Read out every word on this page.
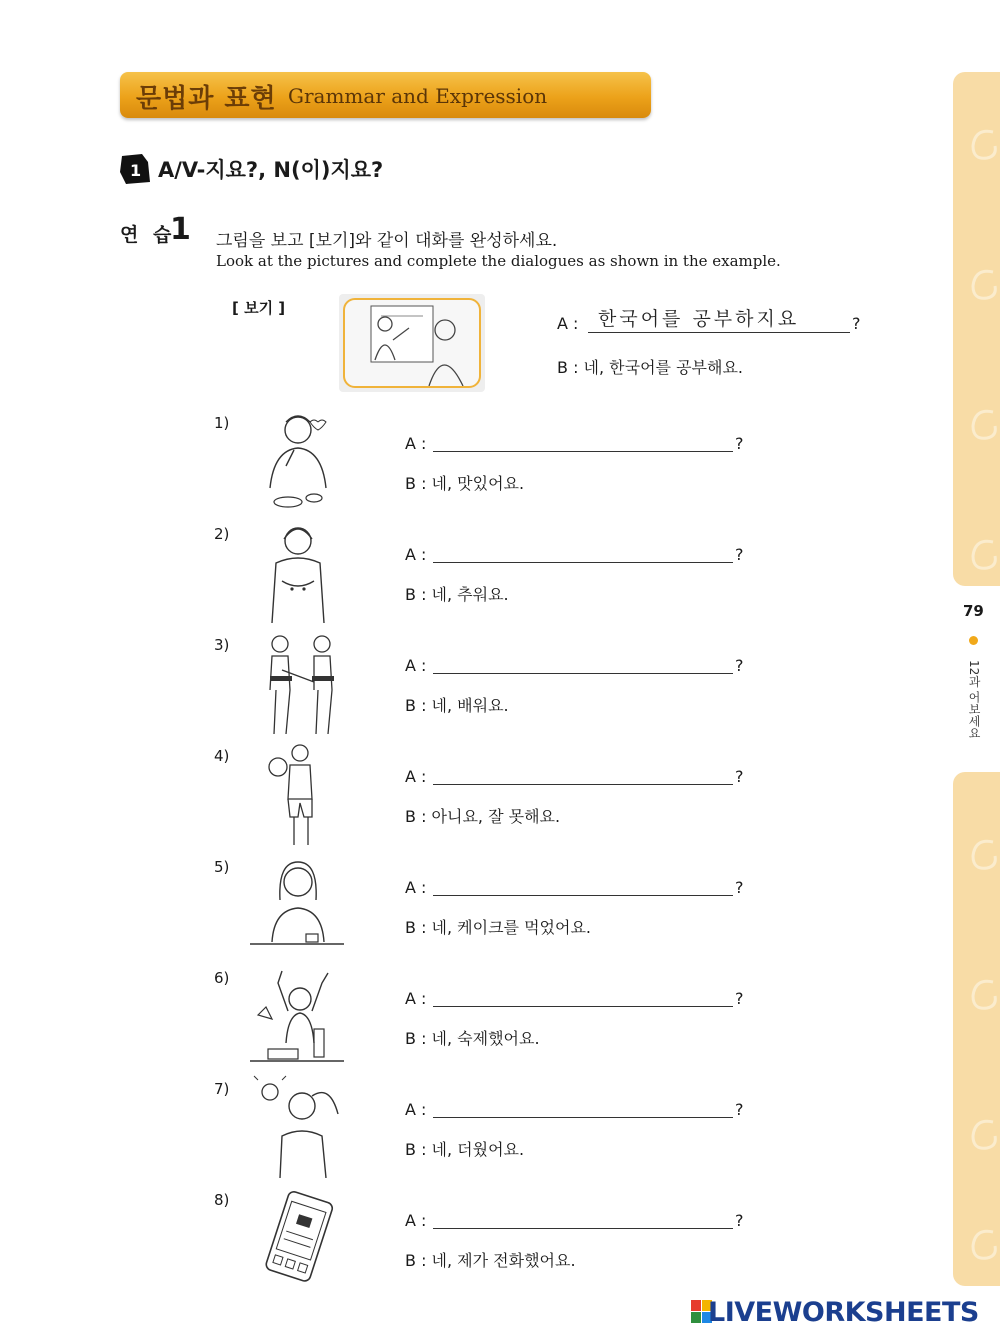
문법과 표현 Grammar and Expression
1 A/V-지요?, N(이)지요?
연 습
1 그림을 보고 [보기]와 같이 대화를 완성하세요.
Look at the pictures and complete the dialogues as shown in the example.
[ 보기 ]
A : 한국어를 공부하지요	?
B : 네, 한국어를 공부해요.
1)
A :	?
B : 네, 맛있어요.
2)
A :	?
B : 네, 추워요.
3)
A :	?
B : 네, 배워요.
4)
A :	?
B : 아니요, 잘 못해요.
5)
A :	?
B : 네, 케이크를 먹었어요.
6)
A :	?
B : 네, 숙제했어요.
7)
A :	?
B : 네, 더웠어요.
8)
A :	?
B : 네, 제가 전화했어요.
79
12과 어보세요
LIVEWORKSHEETS
